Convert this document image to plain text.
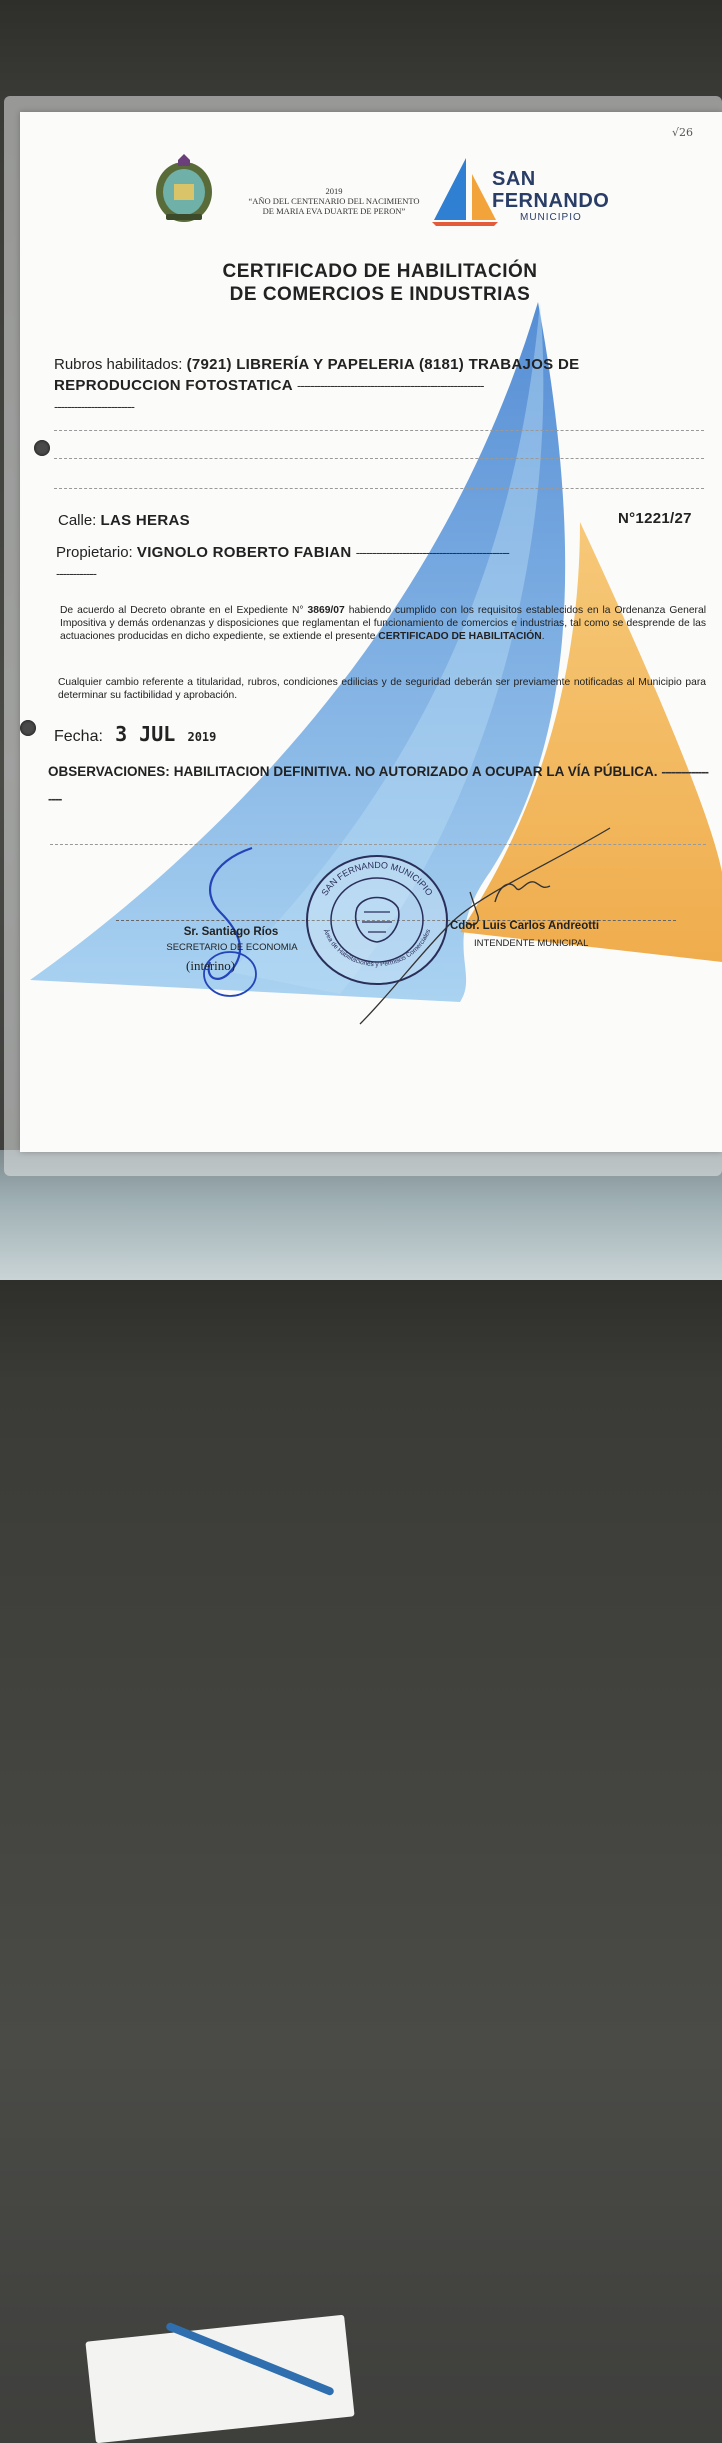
√26
2019
“AÑO DEL CENTENARIO DEL NACIMIENTO
DE MARIA EVA DUARTE DE PERON”
SAN
FERNANDO
MUNICIPIO
CERTIFICADO DE HABILITACIÓN
DE COMERCIOS E INDUSTRIAS
Rubros habilitados: (7921) LIBRERÍA Y PAPELERIA (8181) TRABAJOS DE
REPRODUCCION FOTOSTATICA --------------------------------------------------------
------------------------
Calle: LAS HERAS	N°1221/27
Propietario: VIGNOLO ROBERTO FABIAN ----------------------------------------------
------------
De acuerdo al Decreto obrante en el Expediente N° 3869/07 habiendo cumplido con los requisitos establecidos en la Ordenanza General Impositiva y demás ordenanzas y disposiciones que reglamentan el funcionamiento de comercios e industrias, tal como se desprende de las actuaciones producidas en dicho expediente, se extiende el presente CERTIFICADO DE HABILITACIÓN.
Cualquier cambio referente a titularidad, rubros, condiciones edilicias y de seguridad deberán ser previamente notificadas al Municipio para determinar su factibilidad y aprobación.
Fecha: 3 JUL 2019
OBSERVACIONES: HABILITACION DEFINITIVA. NO AUTORIZADO A OCUPAR LA VÍA PÚBLICA. ------------------
Sr. Santiago Ríos
SECRETARIO DE ECONOMIA
(interino)
SAN FERNANDO MUNICIPIO
Área de Habilitaciones y Permisos Comerciales Cdor. Luis Carlos Andreotti
INTENDENTE MUNICIPAL
